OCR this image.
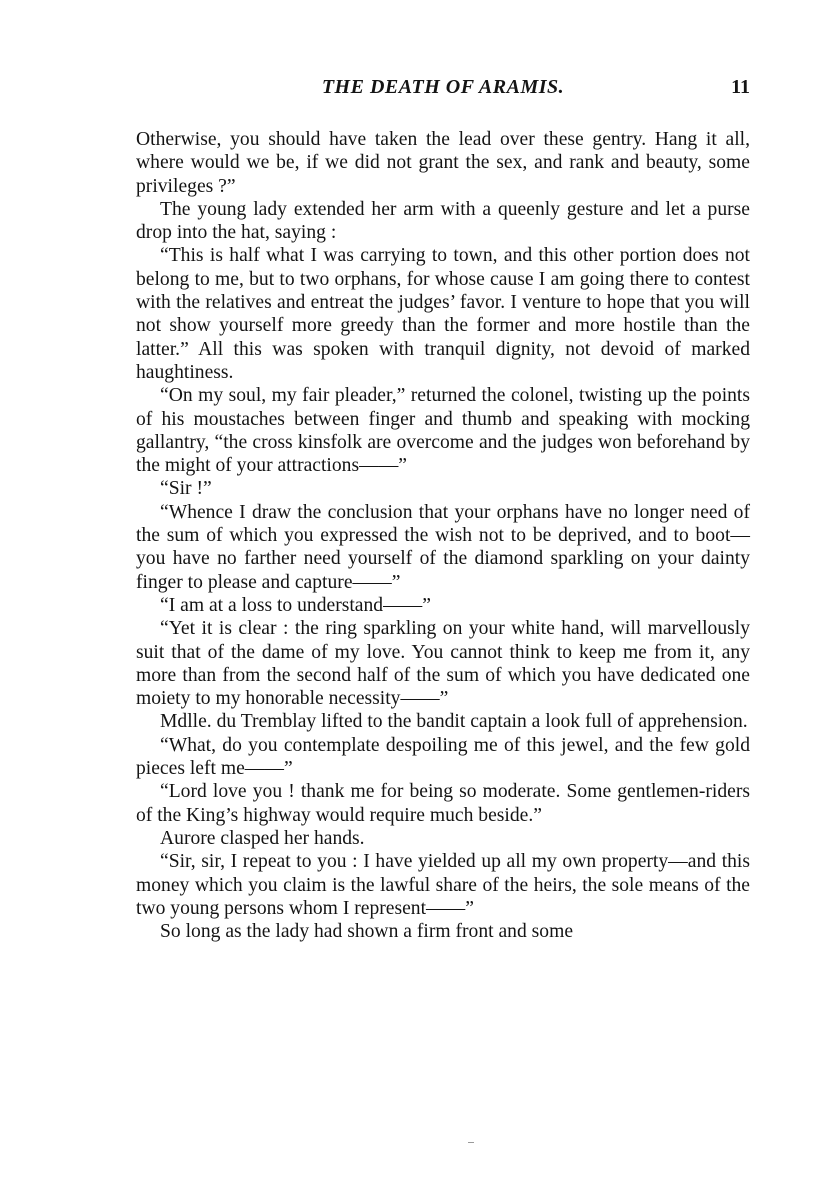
THE DEATH OF ARAMIS.	11

Otherwise, you should have taken the lead over these gentry. Hang it all, where would we be, if we did not grant the sex, and rank and beauty, some privileges ?”

The young lady extended her arm with a queenly gesture and let a purse drop into the hat, saying :

“This is half what I was carrying to town, and this other portion does not belong to me, but to two orphans, for whose cause I am going there to contest with the relatives and entreat the judges’ favor. I venture to hope that you will not show yourself more greedy than the former and more hostile than the latter.” All this was spoken with tranquil dignity, not devoid of marked haughtiness.

“On my soul, my fair pleader,” returned the colonel, twisting up the points of his moustaches between finger and thumb and speaking with mocking gallantry, “the cross kinsfolk are overcome and the judges won beforehand by the might of your attractions——”

“Sir !”

“Whence I draw the conclusion that your orphans have no longer need of the sum of which you expressed the wish not to be deprived, and to boot—you have no farther need yourself of the diamond sparkling on your dainty finger to please and capture——”

“I am at a loss to understand——”

“Yet it is clear : the ring sparkling on your white hand, will marvellously suit that of the dame of my love. You cannot think to keep me from it, any more than from the second half of the sum of which you have dedicated one moiety to my honorable necessity——”

Mdlle. du Tremblay lifted to the bandit captain a look full of apprehension.

“What, do you contemplate despoiling me of this jewel, and the few gold pieces left me——”

“Lord love you ! thank me for being so moderate. Some gentlemen-riders of the King’s highway would require much beside.”

Aurore clasped her hands.

“Sir, sir, I repeat to you : I have yielded up all my own property—and this money which you claim is the lawful share of the heirs, the sole means of the two young persons whom I represent——”

So long as the lady had shown a firm front and some
